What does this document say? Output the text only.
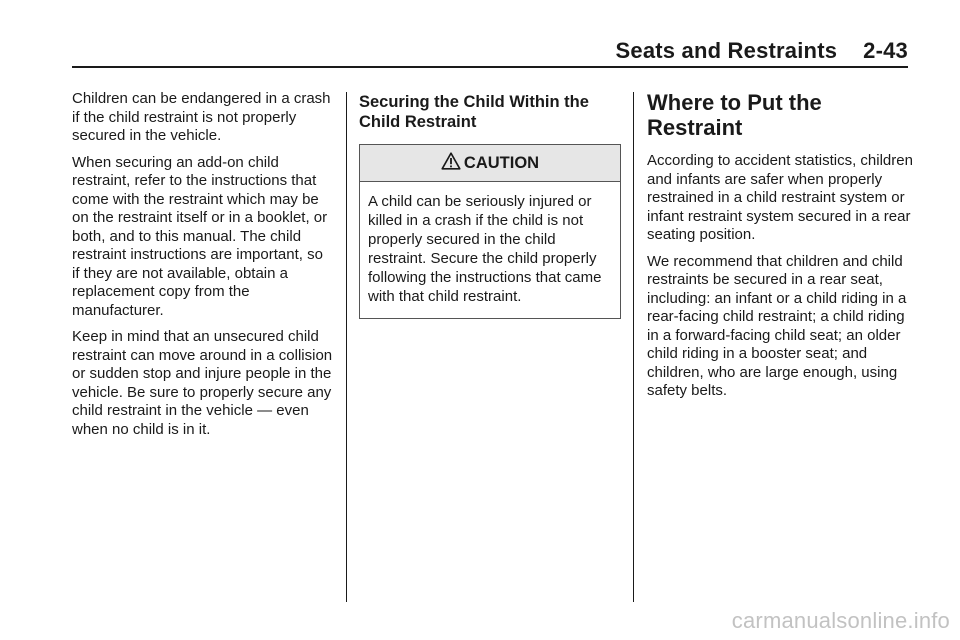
Seats and Restraints 2-43

Children can be endangered in a crash if the child restraint is not properly secured in the vehicle.

When securing an add-on child restraint, refer to the instructions that come with the restraint which may be on the restraint itself or in a booklet, or both, and to this manual. The child restraint instructions are important, so if they are not available, obtain a replacement copy from the manufacturer.

Keep in mind that an unsecured child restraint can move around in a collision or sudden stop and injure people in the vehicle. Be sure to properly secure any child restraint in the vehicle — even when no child is in it.

Securing the Child Within the Child Restraint
CAUTION
A child can be seriously injured or killed in a crash if the child is not properly secured in the child restraint. Secure the child properly following the instructions that came with that child restraint.
Where to Put the Restraint

According to accident statistics, children and infants are safer when properly restrained in a child restraint system or infant restraint system secured in a rear seating position.

We recommend that children and child restraints be secured in a rear seat, including: an infant or a child riding in a rear-facing child restraint; a child riding in a forward-facing child seat; an older child riding in a booster seat; and children, who are large enough, using safety belts.

carmanualsonline.info
